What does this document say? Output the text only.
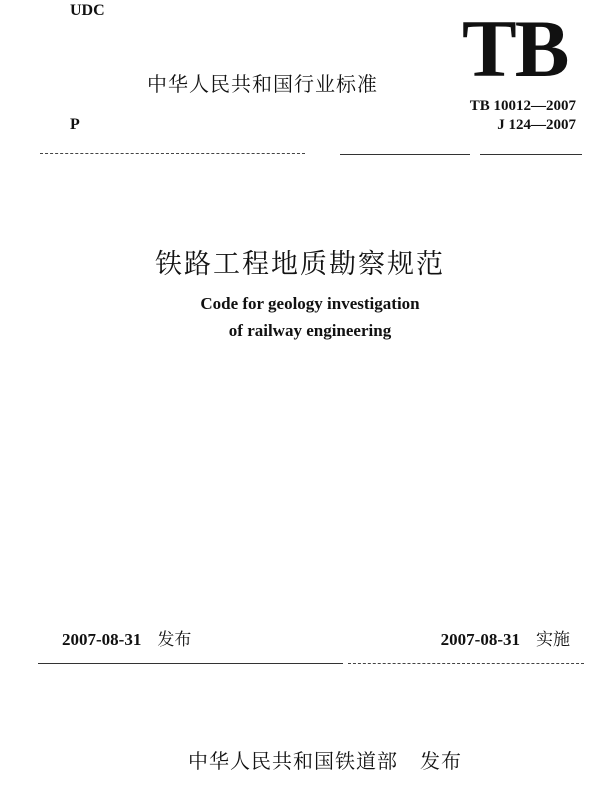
UDC
中华人民共和国行业标准 TB
P
TB 10012—2007
J 124—2007
铁路工程地质勘察规范
Code for geology investigation
of railway engineering
2007-08-31 发布	2007-08-31 实施
中华人民共和国铁道部 发布
